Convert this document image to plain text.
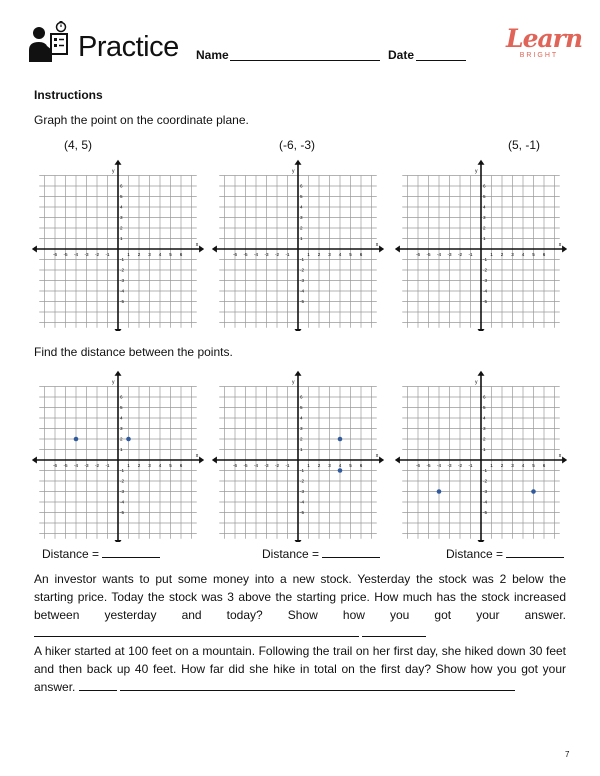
Practice Name	Date
Learn
BRIGHT
Instructions
Graph the point on the coordinate plane.
(4, 5)	(-6, -3)	(5, -1)
x
y
-6 -5 -4 -3 -2 -1	1 2 3 4 5 6
6
5
4
3
2
1
-1
-2
-3
-4
-5
x
y
-6 -5 -4 -3 -2 -1	1 2 3 4 5 6
6
5
4
3
2
1
-1
-2
-3
-4
-5
x
y
-6 -5 -4 -3 -2 -1	1 2 3 4 5 6
6
5
4
3
2
1
-1
-2
-3
-4
-5
Find the distance between the points.
x
y
-6 -5 -4 -3 -2 -1	1 2 3 4 5 6
6
5
4
3
2
1
-1
-2
-3
-4
-5
x
y
-6 -5 -4 -3 -2 -1	1 2 3 4 5 6
6
5
4
3
2
1
-1
-2
-3
-4
-5
x
y
-6 -5 -4 -3 -2 -1	1 2 3 4 5 6
6
5
4
3
2
1
-1
-2
-3
-4
-5
Distance =	Distance =	Distance =
An investor wants to put some money into a new stock. Yesterday the stock was 2 below the starting price. Today the stock was 3 above the starting price. How much has the stock increased between yesterday and today? Show how you got your answer.
A hiker started at 100 feet on a mountain. Following the trail on her first day, she hiked down 30 feet and then back up 40 feet. How far did she hike in total on the first day? Show how you got your answer.
7
